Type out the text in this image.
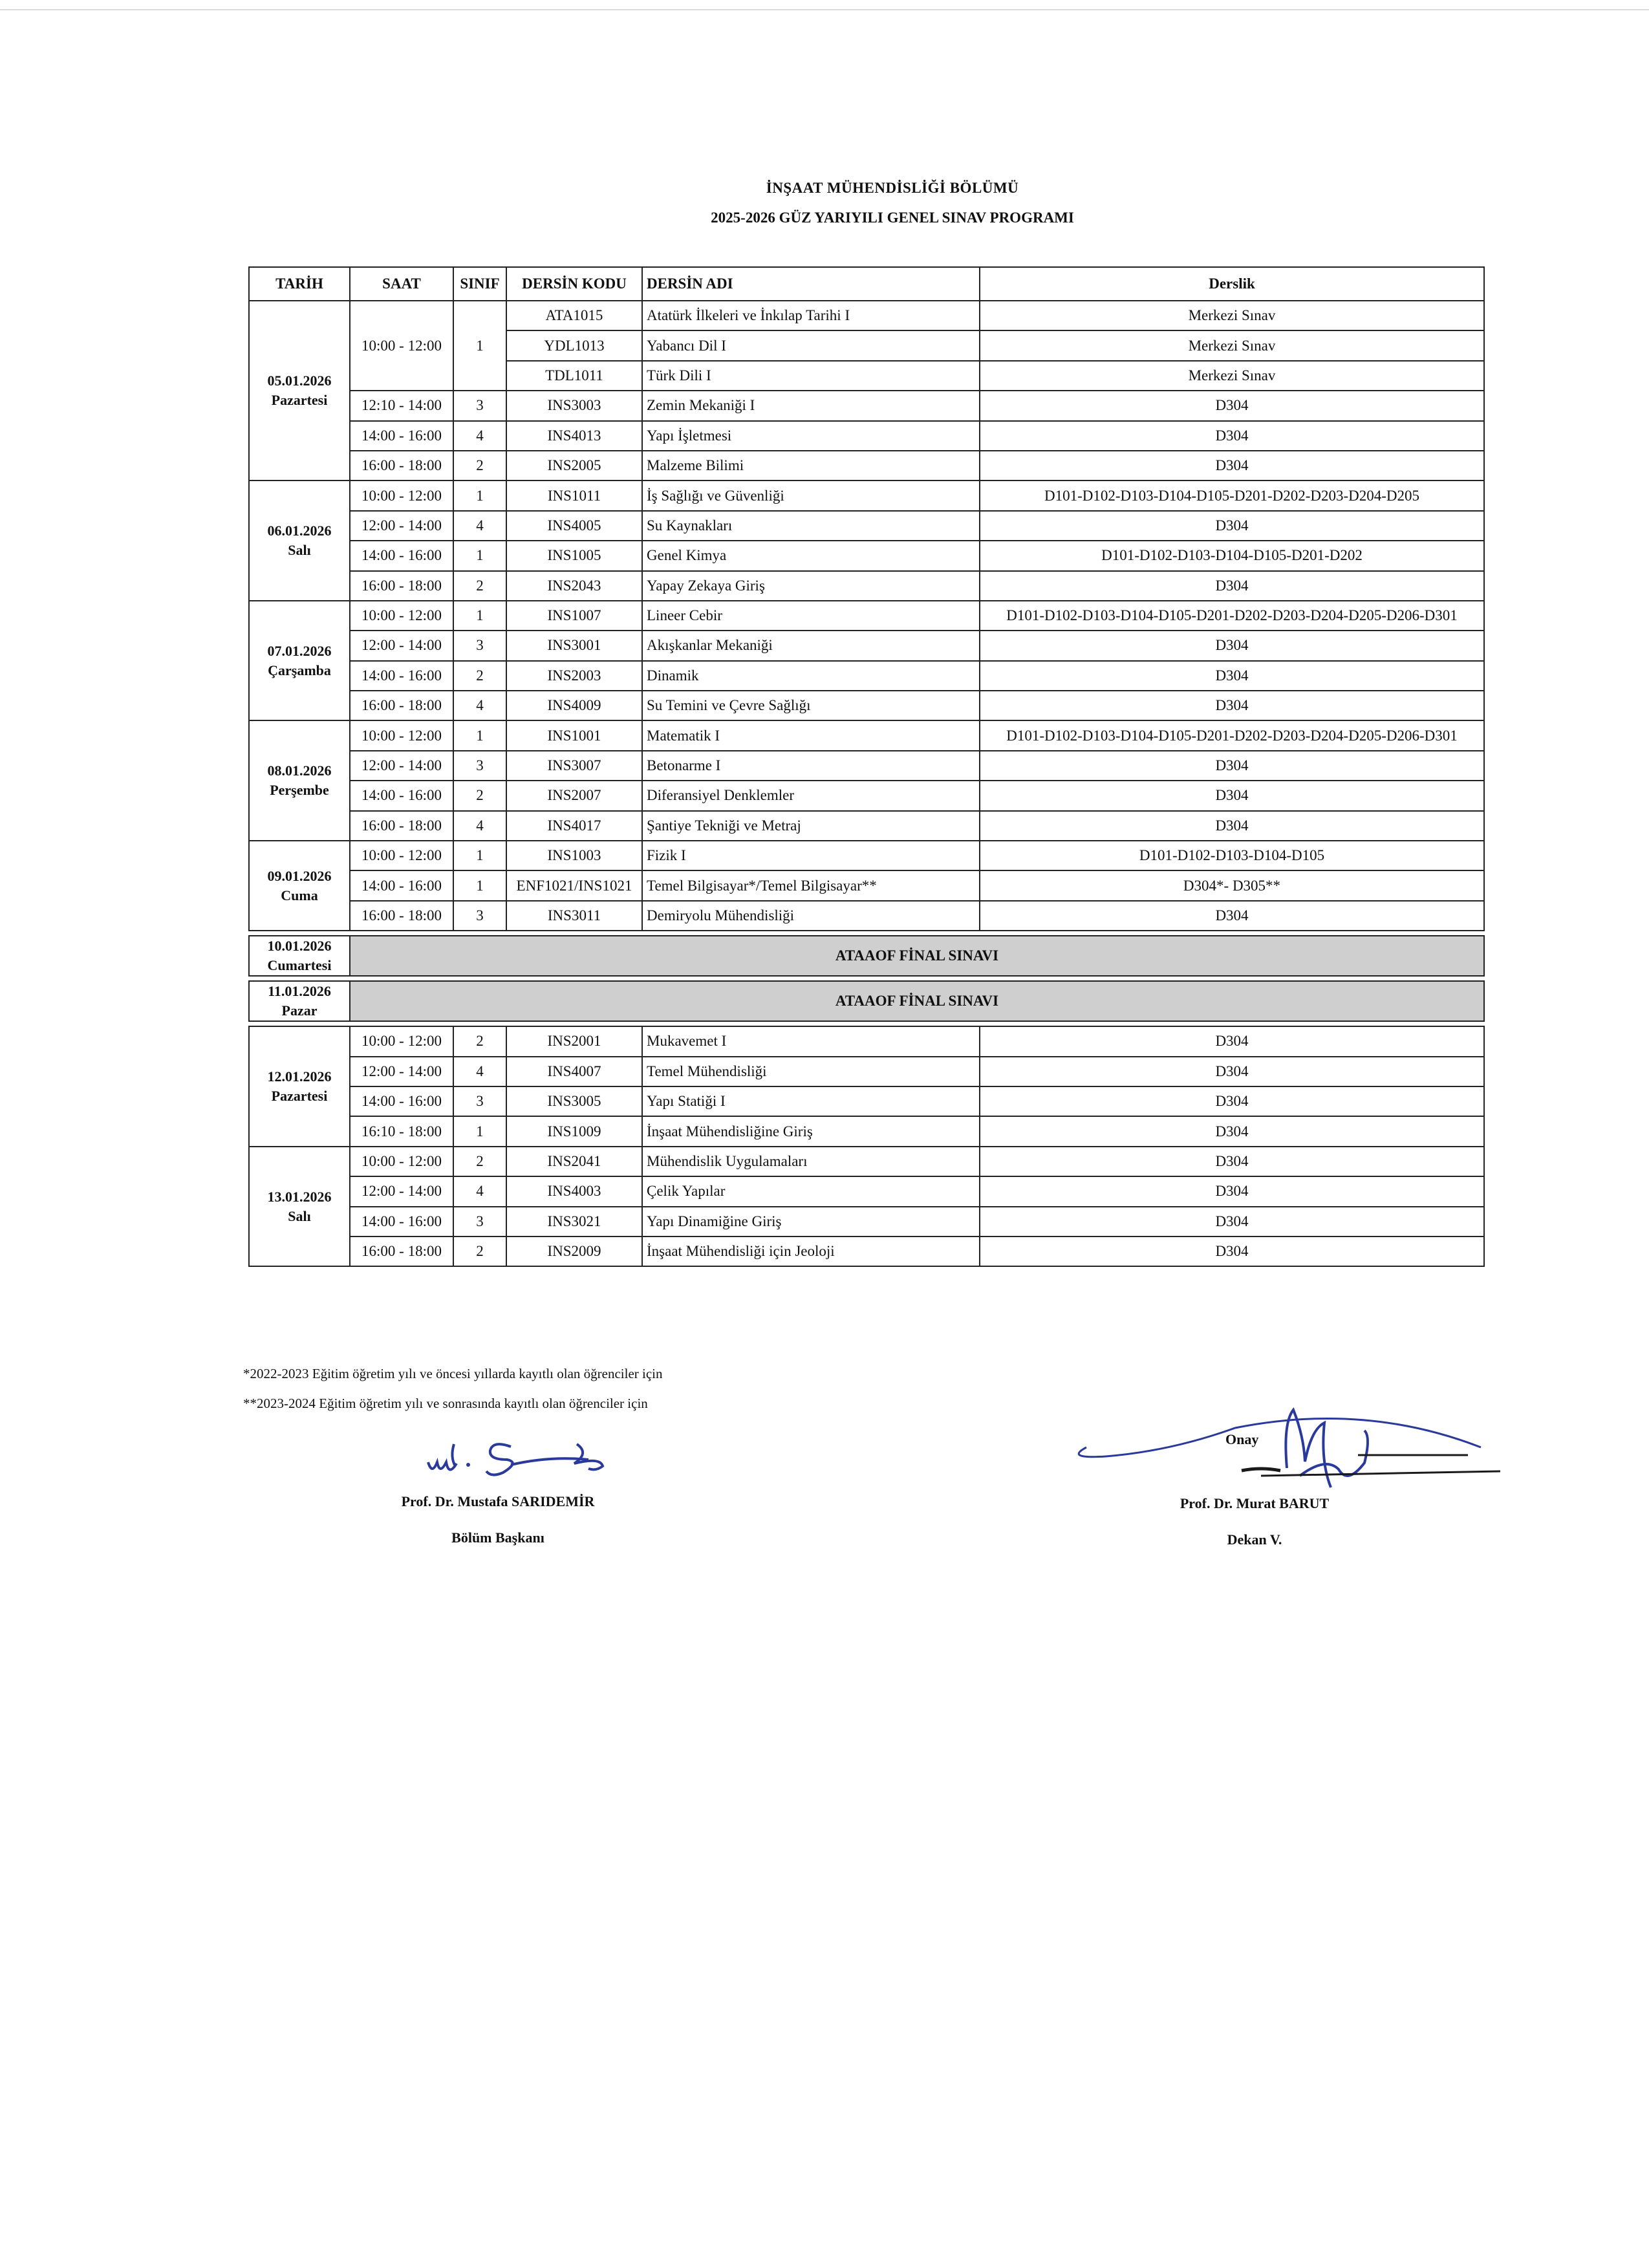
İNŞAAT MÜHENDİSLİĞİ BÖLÜMÜ
2025-2026 GÜZ YARIYILI GENEL SINAV PROGRAMI
TARİH	SAAT	SINIF	DERSİN KODU	DERSİN ADI	Derslik

05.01.2026
Pazartesi	10:00 - 12:00	1	ATA1015	Atatürk İlkeleri ve İnkılap Tarihi I	Merkezi Sınav
			YDL1013	Yabancı Dil I	Merkezi Sınav
			TDL1011	Türk Dili I	Merkezi Sınav
	12:10 - 14:00	3	INS3003	Zemin Mekaniği I	D304
	14:00 - 16:00	4	INS4013	Yapı İşletmesi	D304
	16:00 - 18:00	2	INS2005	Malzeme Bilimi	D304

06.01.2026
Salı	10:00 - 12:00	1	INS1011	İş Sağlığı ve Güvenliği	D101-D102-D103-D104-D105-D201-D202-D203-D204-D205
	12:00 - 14:00	4	INS4005	Su Kaynakları	D304
	14:00 - 16:00	1	INS1005	Genel Kimya	D101-D102-D103-D104-D105-D201-D202
	16:00 - 18:00	2	INS2043	Yapay Zekaya Giriş	D304

07.01.2026
Çarşamba	10:00 - 12:00	1	INS1007	Lineer Cebir	D101-D102-D103-D104-D105-D201-D202-D203-D204-D205-D206-D301
	12:00 - 14:00	3	INS3001	Akışkanlar Mekaniği	D304
	14:00 - 16:00	2	INS2003	Dinamik	D304
	16:00 - 18:00	4	INS4009	Su Temini ve Çevre Sağlığı	D304

08.01.2026
Perşembe	10:00 - 12:00	1	INS1001	Matematik I	D101-D102-D103-D104-D105-D201-D202-D203-D204-D205-D206-D301
	12:00 - 14:00	3	INS3007	Betonarme I	D304
	14:00 - 16:00	2	INS2007	Diferansiyel Denklemler	D304
	16:00 - 18:00	4	INS4017	Şantiye Tekniği ve Metraj	D304

09.01.2026
Cuma	10:00 - 12:00	1	INS1003	Fizik I	D101-D102-D103-D104-D105
	14:00 - 16:00	1	ENF1021/INS1021	Temel Bilgisayar*/Temel Bilgisayar**	D304*- D305**
	16:00 - 18:00	3	INS3011	Demiryolu Mühendisliği	D304

10.01.2026
Cumartesi	ATAAOF FİNAL SINAVI				

11.01.2026
Pazar	ATAAOF FİNAL SINAVI				

12.01.2026
Pazartesi	10:00 - 12:00	2	INS2001	Mukavemet I	D304
	12:00 - 14:00	4	INS4007	Temel Mühendisliği	D304
	14:00 - 16:00	3	INS3005	Yapı Statiği I	D304
	16:10 - 18:00	1	INS1009	İnşaat Mühendisliğine Giriş	D304

13.01.2026
Salı	10:00 - 12:00	2	INS2041	Mühendislik Uygulamaları	D304
	12:00 - 14:00	4	INS4003	Çelik Yapılar	D304
	14:00 - 16:00	3	INS3021	Yapı Dinamiğine Giriş	D304
	16:00 - 18:00	2	INS2009	İnşaat Mühendisliği için Jeoloji	D304
*2022-2023 Eğitim öğretim yılı ve öncesi yıllarda kayıtlı olan öğrenciler için
**2023-2024 Eğitim öğretim yılı ve sonrasında kayıtlı olan öğrenciler için
Prof. Dr. Mustafa SARIDEMİR
Bölüm Başkanı
Onay
Prof. Dr. Murat BARUT
Dekan V.
